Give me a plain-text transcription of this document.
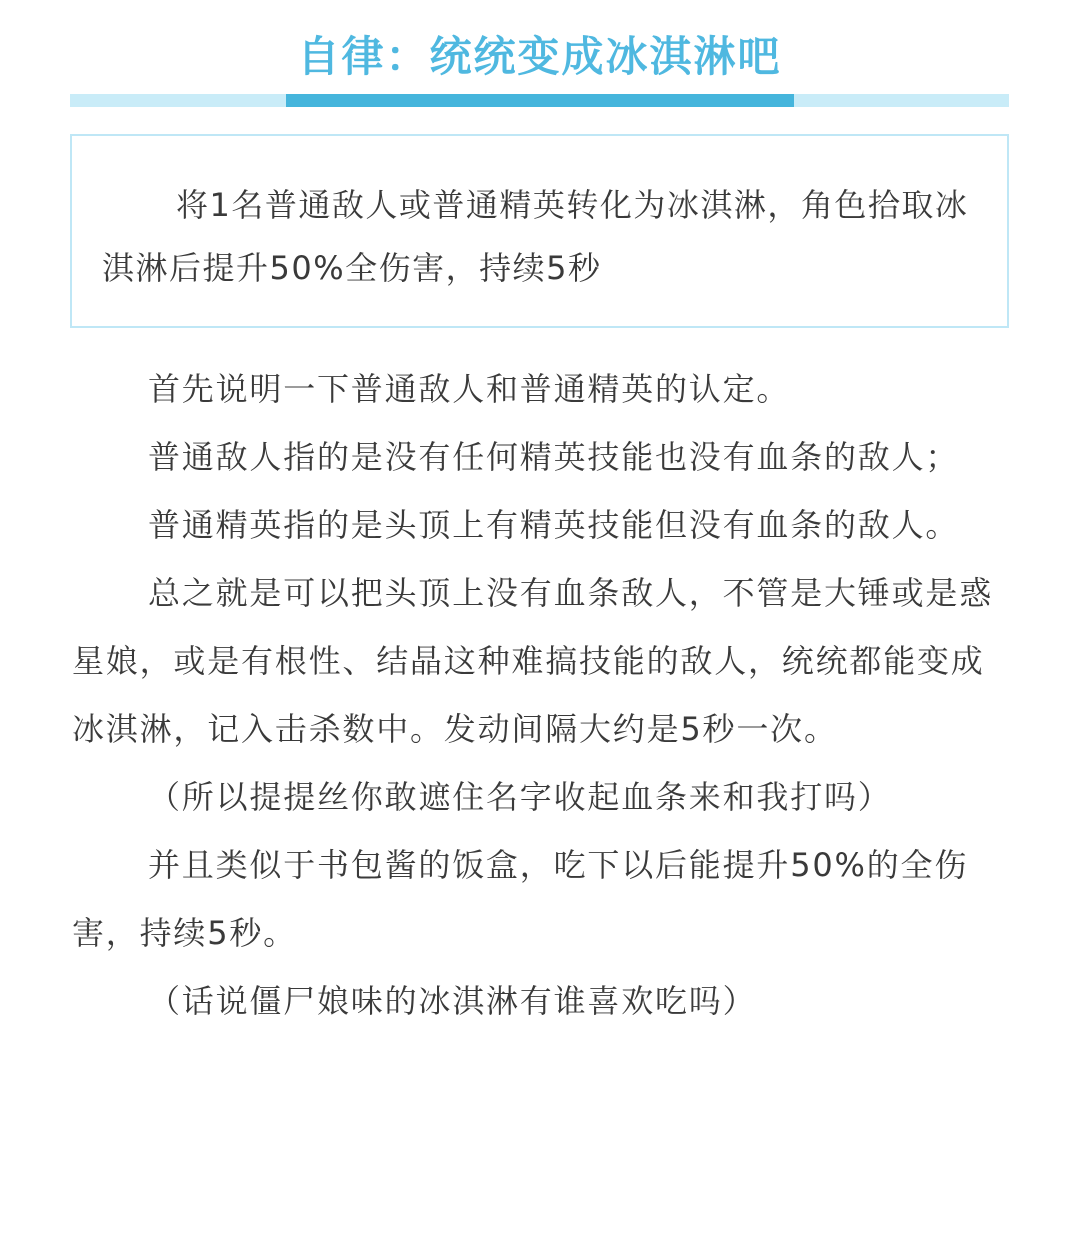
自律：统统变成冰淇淋吧
将1名普通敌人或普通精英转化为冰淇淋，角色拾取冰淇淋后提升50%全伤害，持续5秒

首先说明一下普通敌人和普通精英的认定。

普通敌人指的是没有任何精英技能也没有血条的敌人；

普通精英指的是头顶上有精英技能但没有血条的敌人。

总之就是可以把头顶上没有血条敌人，不管是大锤或是惑星娘，或是有根性、结晶这种难搞技能的敌人，统统都能变成冰淇淋，记入击杀数中。发动间隔大约是5秒一次。

（所以提提丝你敢遮住名字收起血条来和我打吗）

并且类似于书包酱的饭盒，吃下以后能提升50%的全伤害，持续5秒。

（话说僵尸娘味的冰淇淋有谁喜欢吃吗）
